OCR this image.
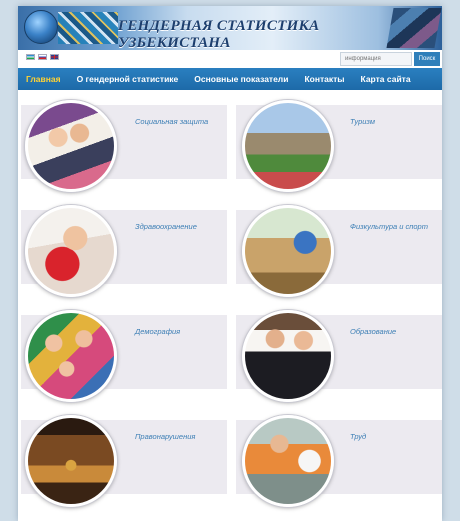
ГЕНДЕРНАЯ СТАТИСТИКА УЗБЕКИСТАНА
информация
Поиск
Главная О гендерной статистике Основные показатели Контакты Карта сайта
Социальная защита	Туризм
Здравоохранение	Физкультура и спорт
Демография	Образование
Правонарушения	Труд
